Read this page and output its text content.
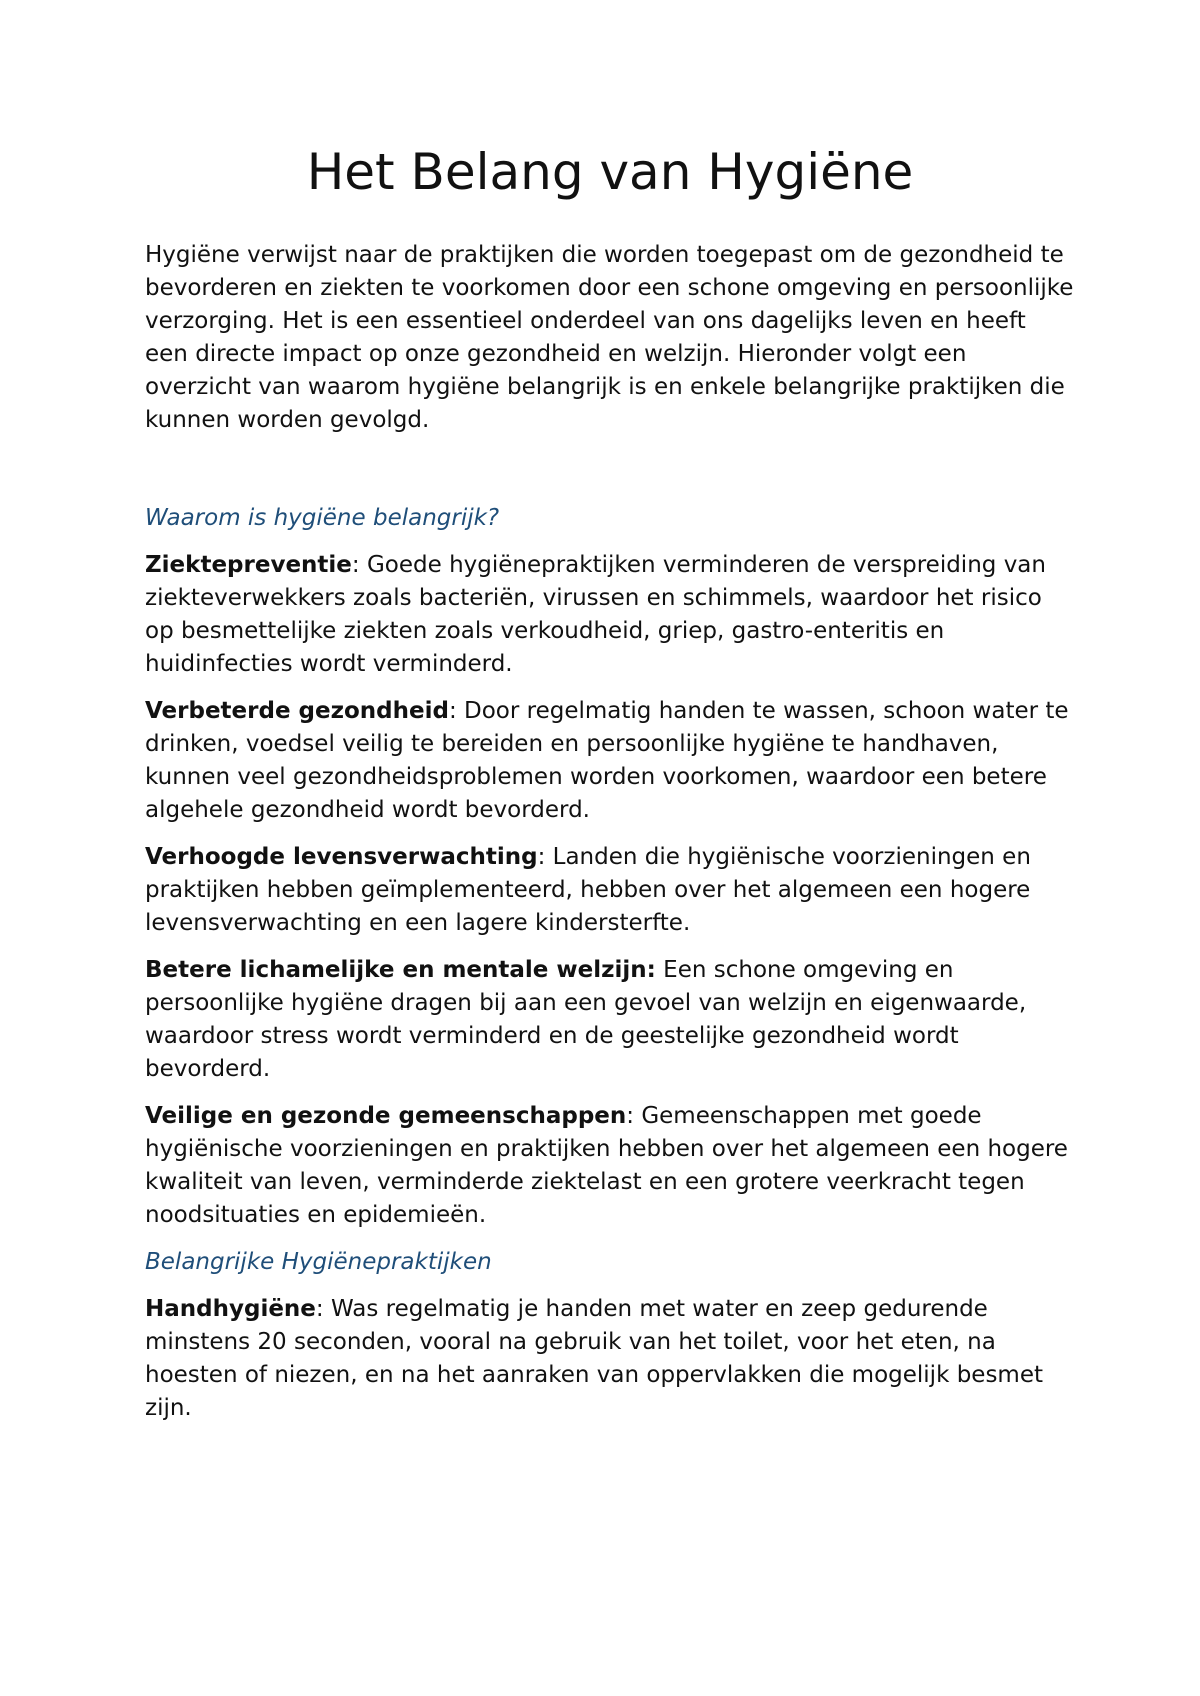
Het Belang van Hygiëne

Hygiëne verwijst naar de praktijken die worden toegepast om de gezondheid te bevorderen en ziekten te voorkomen door een schone omgeving en persoonlijke verzorging. Het is een essentieel onderdeel van ons dagelijks leven en heeft een directe impact op onze gezondheid en welzijn. Hieronder volgt een overzicht van waarom hygiëne belangrijk is en enkele belangrijke praktijken die kunnen worden gevolgd.

Waarom is hygiëne belangrijk?

Ziektepreventie: Goede hygiënepraktijken verminderen de verspreiding van ziekteverwekkers zoals bacteriën, virussen en schimmels, waardoor het risico op besmettelijke ziekten zoals verkoudheid, griep, gastro-enteritis en huidinfecties wordt verminderd.

Verbeterde gezondheid: Door regelmatig handen te wassen, schoon water te drinken, voedsel veilig te bereiden en persoonlijke hygiëne te handhaven, kunnen veel gezondheidsproblemen worden voorkomen, waardoor een betere algehele gezondheid wordt bevorderd.

Verhoogde levensverwachting: Landen die hygiënische voorzieningen en praktijken hebben geïmplementeerd, hebben over het algemeen een hogere levensverwachting en een lagere kindersterfte.

Betere lichamelijke en mentale welzijn: Een schone omgeving en persoonlijke hygiëne dragen bij aan een gevoel van welzijn en eigenwaarde, waardoor stress wordt verminderd en de geestelijke gezondheid wordt bevorderd.

Veilige en gezonde gemeenschappen: Gemeenschappen met goede hygiënische voorzieningen en praktijken hebben over het algemeen een hogere kwaliteit van leven, verminderde ziektelast en een grotere veerkracht tegen noodsituaties en epidemieën.

Belangrijke Hygiënepraktijken

Handhygiëne: Was regelmatig je handen met water en zeep gedurende minstens 20 seconden, vooral na gebruik van het toilet, voor het eten, na hoesten of niezen, en na het aanraken van oppervlakken die mogelijk besmet zijn.
